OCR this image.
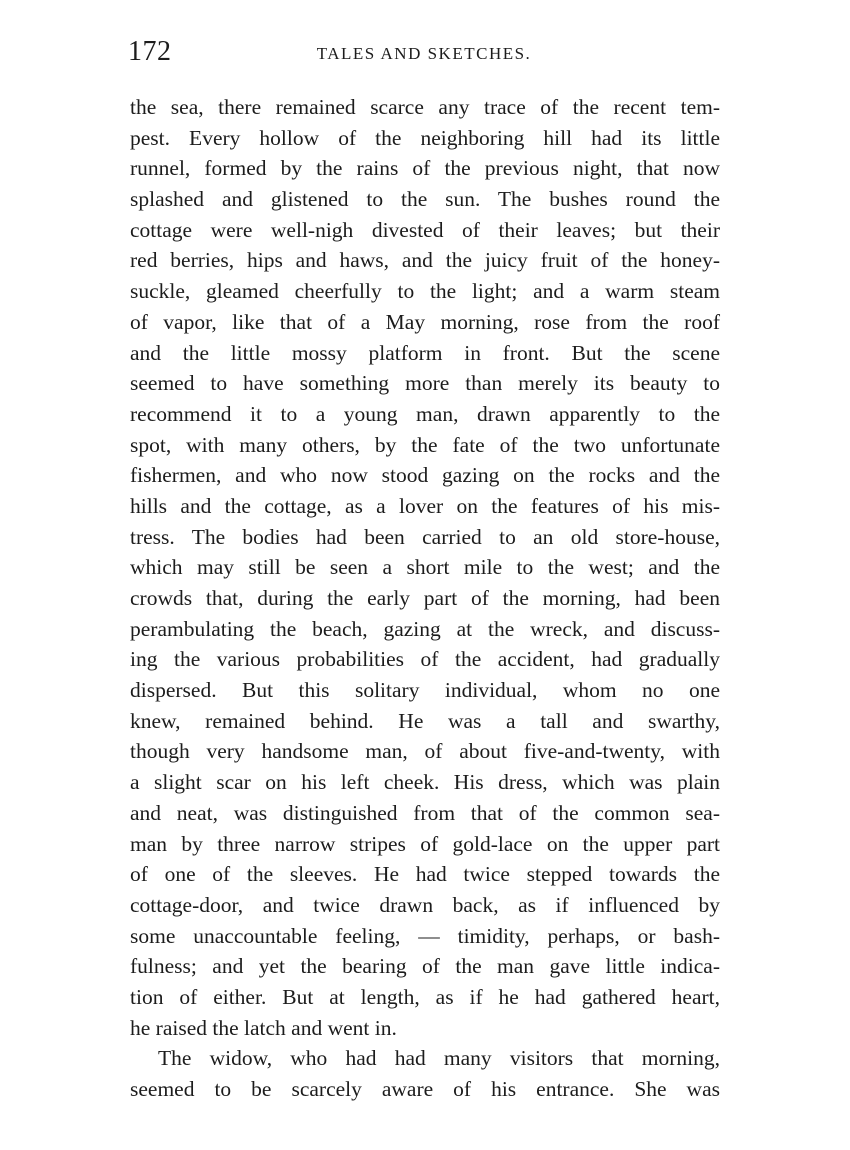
172	TALES AND SKETCHES.
the sea, there remained scarce any trace of the recent tem-
pest. Every hollow of the neighboring hill had its little
runnel, formed by the rains of the previous night, that now
splashed and glistened to the sun. The bushes round the
cottage were well-nigh divested of their leaves; but their
red berries, hips and haws, and the juicy fruit of the honey-
suckle, gleamed cheerfully to the light; and a warm steam
of vapor, like that of a May morning, rose from the roof
and the little mossy platform in front. But the scene
seemed to have something more than merely its beauty to
recommend it to a young man, drawn apparently to the
spot, with many others, by the fate of the two unfortunate
fishermen, and who now stood gazing on the rocks and the
hills and the cottage, as a lover on the features of his mis-
tress. The bodies had been carried to an old store-house,
which may still be seen a short mile to the west; and the
crowds that, during the early part of the morning, had been
perambulating the beach, gazing at the wreck, and discuss-
ing the various probabilities of the accident, had gradually
dispersed. But this solitary individual, whom no one
knew, remained behind. He was a tall and swarthy,
though very handsome man, of about five-and-twenty, with
a slight scar on his left cheek. His dress, which was plain
and neat, was distinguished from that of the common sea-
man by three narrow stripes of gold-lace on the upper part
of one of the sleeves. He had twice stepped towards the
cottage-door, and twice drawn back, as if influenced by
some unaccountable feeling, — timidity, perhaps, or bash-
fulness; and yet the bearing of the man gave little indica-
tion of either. But at length, as if he had gathered heart,
he raised the latch and went in.
The widow, who had had many visitors that morning,
seemed to be scarcely aware of his entrance. She was
